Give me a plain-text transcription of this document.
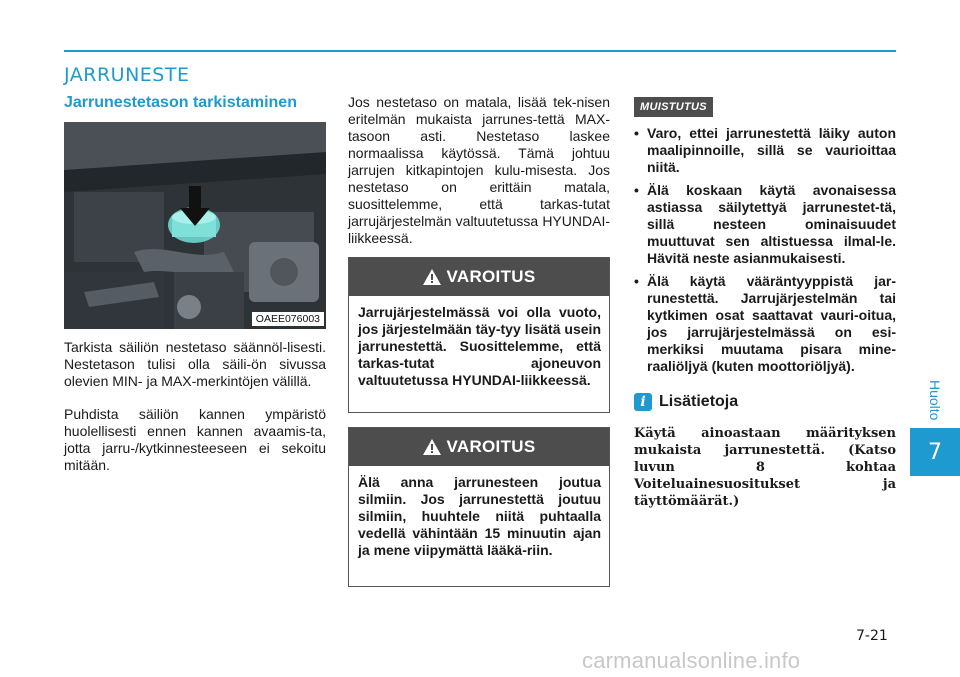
JARRUNESTE
Jarrunestetason tarkistaminen
OAEE076003

Tarkista säiliön nestetaso säännöl-lisesti. Nestetason tulisi olla säili-ön sivussa olevien MIN- ja MAX-merkintöjen välillä.

Puhdista säiliön kannen ympäristö huolellisesti ennen kannen avaamis-ta, jotta jarru-/kytkinnesteeseen ei sekoitu mitään.

Jos nestetaso on matala, lisää tek-nisen eritelmän mukaista jarrunes-tettä MAX-tasoon asti. Nestetaso laskee normaalissa käytössä. Tämä johtuu jarrujen kitkapintojen kulu-misesta. Jos nestetaso on erittäin matala, suosittelemme, että tarkas-tutat jarrujärjestelmän valtuutetussa HYUNDAI-liikkeessä.

VAROITUS
Jarrujärjestelmässä voi olla vuoto, jos järjestelmään täy-tyy lisätä usein jarrunestettä. Suosittelemme, että tarkas-tutat ajoneuvon valtuutetussa HYUNDAI-liikkeessä.
VAROITUS
Älä anna jarrunesteen joutua silmiin. Jos jarrunestettä joutuu silmiin, huuhtele niitä puhtaalla vedellä vähintään 15 minuutin ajan ja mene viipymättä lääkä-riin.
MUISTUTUS
• Varo, ettei jarrunestettä läiky auton maalipinnoille, sillä se vaurioittaa niitä.
• Älä koskaan käytä avonaisessa astiassa säilytettyä jarrunestet-tä, sillä nesteen ominaisuudet muuttuvat sen altistuessa ilmal-le. Hävitä neste asianmukaisesti.
• Älä käytä vääräntyyppistä jar-runestettä. Jarrujärjestelmän tai kytkimen osat saattavat vauri-oitua, jos jarrujärjestelmässä on esi-merkiksi muutama pisara mine-raaliöljyä (kuten moottoriöljyä).
i Lisätietoja

Käytä ainoastaan määrityksen mukaista jarrunestettä. (Katso luvun 8 kohtaa Voiteluainesuositukset ja täyttömäärät.)

Huolto
7
7-21
carmanualsonline.info
